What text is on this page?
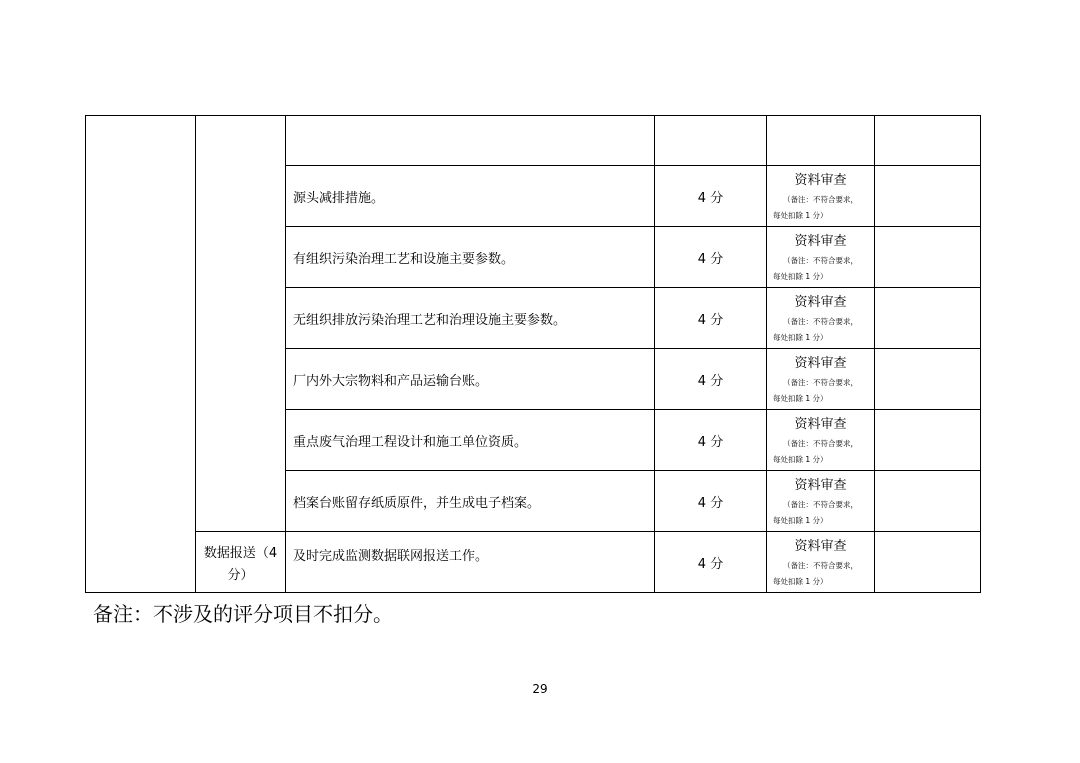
		源头减排措施。	4 分	资料审查
（备注：不符合要求，
每处扣除 1 分）	

		有组织污染治理工艺和设施主要参数。	4 分	资料审查
（备注：不符合要求，
每处扣除 1 分）	

		无组织排放污染治理工艺和治理设施主要参数。	4 分	资料审查
（备注：不符合要求，
每处扣除 1 分）	

		厂内外大宗物料和产品运输台账。	4 分	资料审查
（备注：不符合要求，
每处扣除 1 分）	

		重点废气治理工程设计和施工单位资质。	4 分	资料审查
（备注：不符合要求，
每处扣除 1 分）	

		档案台账留存纸质原件，并生成电子档案。	4 分	资料审查
（备注：不符合要求，
每处扣除 1 分）	

	数据报送（4分）	及时完成监测数据联网报送工作。	4 分	资料审查
（备注：不符合要求，
每处扣除 1 分）	

备注：不涉及的评分项目不扣分。

29
